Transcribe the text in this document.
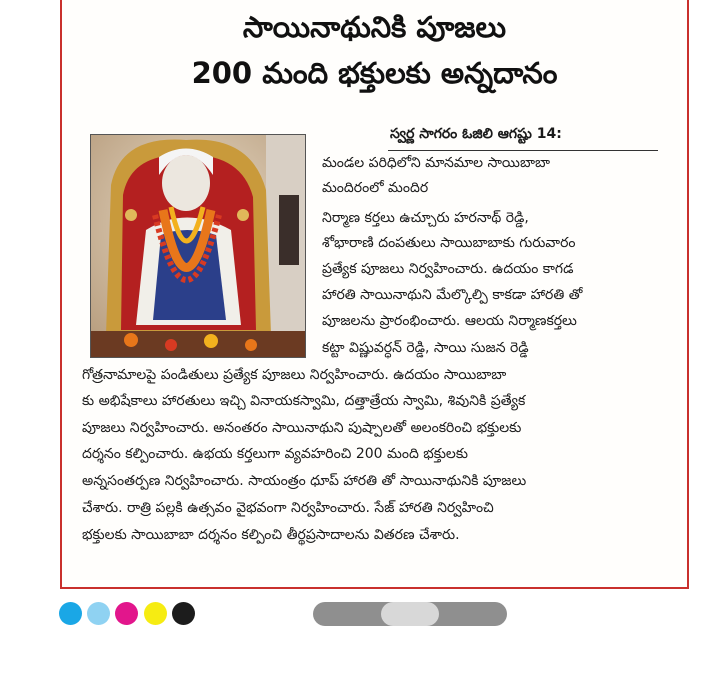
సాయినాథునికి పూజలు
200 మంది భక్తులకు అన్నదానం
స్వర్ణ సాగరం ఓజిలి ఆగష్టు 14:
మండల పరిధిలోని మానమాల సాయిబాబా
మందిరంలో మందిర
నిర్మాణ కర్తలు ఉచ్చూరు హరనాథ్ రెడ్డి,
శోభారాణి దంపతులు సాయిబాబాకు గురువారం
ప్రత్యేక పూజలు నిర్వహించారు. ఉదయం కాగడ
హారతి సాయినాథుని మేల్కొల్పి కాకడా హారతి తో
పూజలను ప్రారంభించారు. ఆలయ నిర్మాణకర్తలు
కట్టా విష్ణువర్ధన్ రెడ్డి, సాయి సుజన రెడ్డి
గోత్రనామాలపై పండితులు ప్రత్యేక పూజలు నిర్వహించారు. ఉదయం సాయిబాబా
కు అభిషేకాలు హారతులు ఇచ్చి వినాయకస్వామి, దత్తాత్రేయ స్వామి, శివునికి ప్రత్యేక
పూజలు నిర్వహించారు. అనంతరం సాయినాథుని పుష్పాలతో అలంకరించి భక్తులకు
దర్శనం కల్పించారు. ఉభయ కర్తలుగా వ్యవహరించి 200 మంది భక్తులకు
అన్నసంతర్పణ నిర్వహించారు. సాయంత్రం ధూప్ హారతి తో సాయినాథునికి పూజలు
చేశారు. రాత్రి పల్లకి ఉత్సవం వైభవంగా నిర్వహించారు. సేజ్ హారతి నిర్వహించి
భక్తులకు సాయిబాబా దర్శనం కల్పించి తీర్థప్రసాదాలను వితరణ చేశారు.
